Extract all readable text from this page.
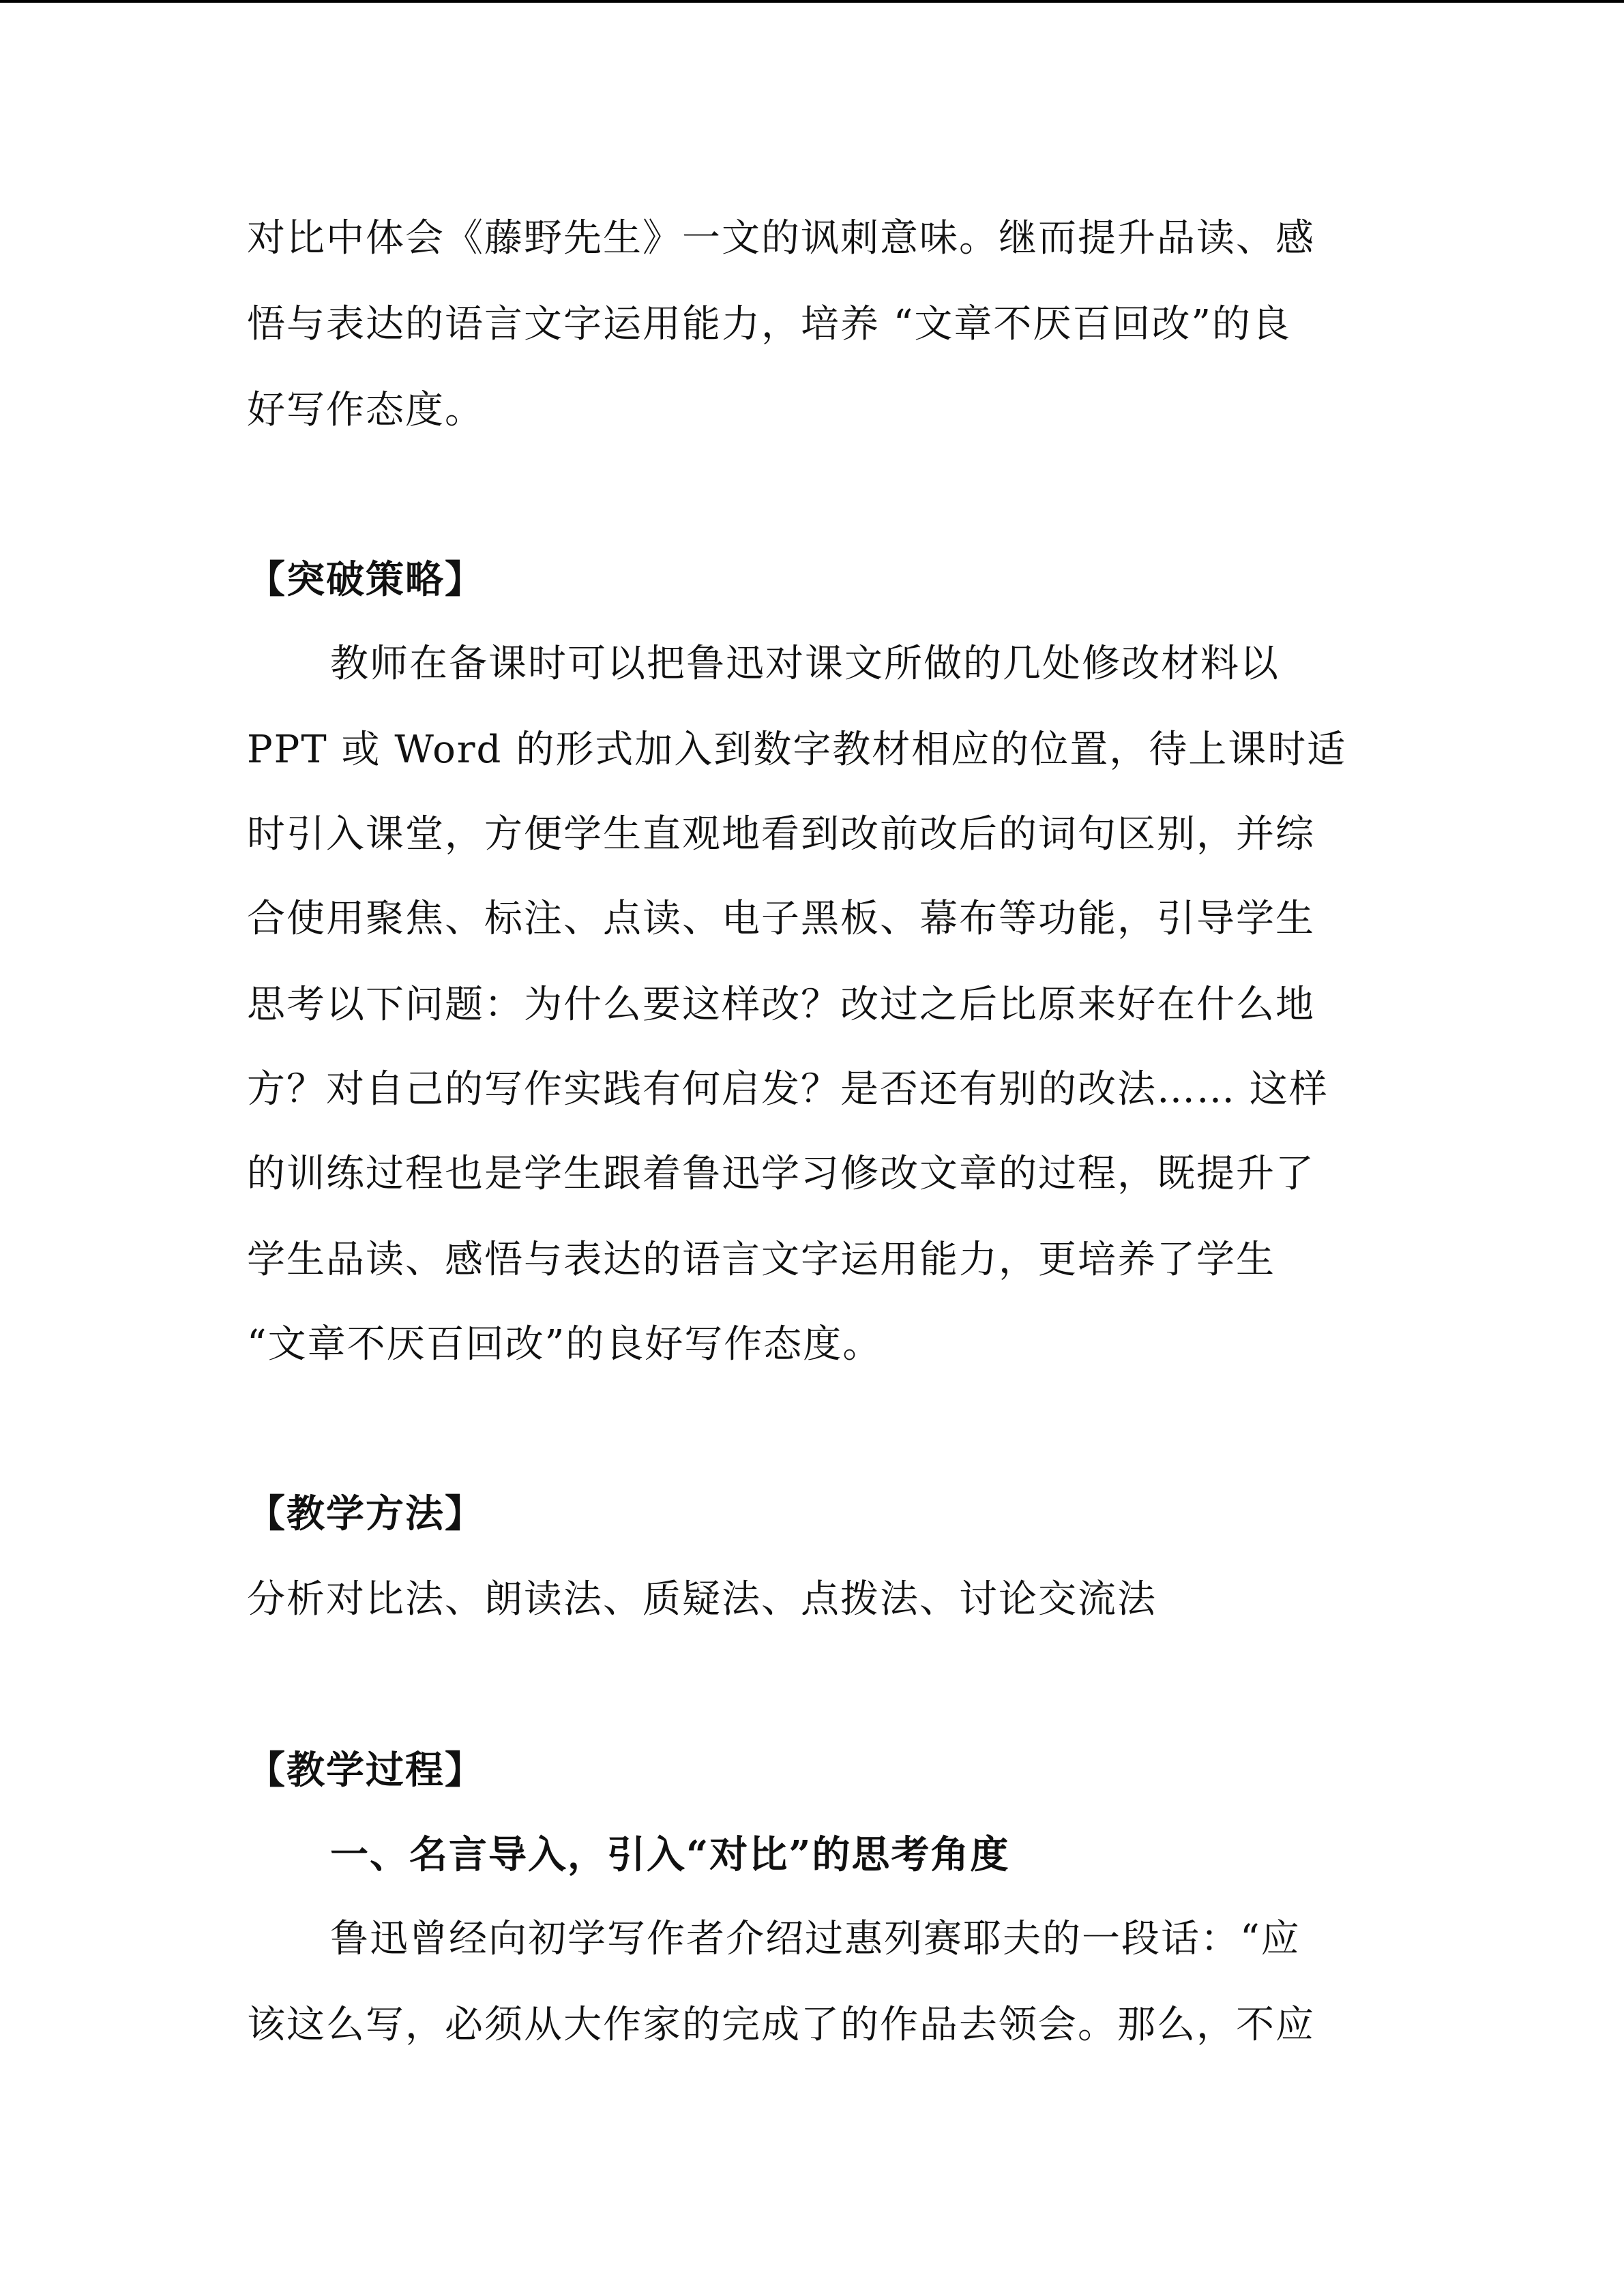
对比中体会《藤野先生》一文的讽刺意味。继而提升品读、感
悟与表达的语言文字运用能力，培养 “文章不厌百回改”的良
好写作态度。
【突破策略】
教师在备课时可以把鲁迅对课文所做的几处修改材料以
PPT 或 Word 的形式加入到数字教材相应的位置，待上课时适
时引入课堂，方便学生直观地看到改前改后的词句区别，并综
合使用聚焦、标注、点读、电子黑板、幕布等功能，引导学生
思考以下问题：为什么要这样改？改过之后比原来好在什么地
方？对自己的写作实践有何启发？是否还有别的改法…… 这样
的训练过程也是学生跟着鲁迅学习修改文章的过程，既提升了
学生品读、感悟与表达的语言文字运用能力，更培养了学生
“文章不厌百回改”的良好写作态度。
【教学方法】
分析对比法、朗读法、质疑法、点拨法、讨论交流法
【教学过程】
一、名言导入，引入“对比”的思考角度
鲁迅曾经向初学写作者介绍过惠列赛耶夫的一段话：“应
该这么写，必须从大作家的完成了的作品去领会。那么，不应
